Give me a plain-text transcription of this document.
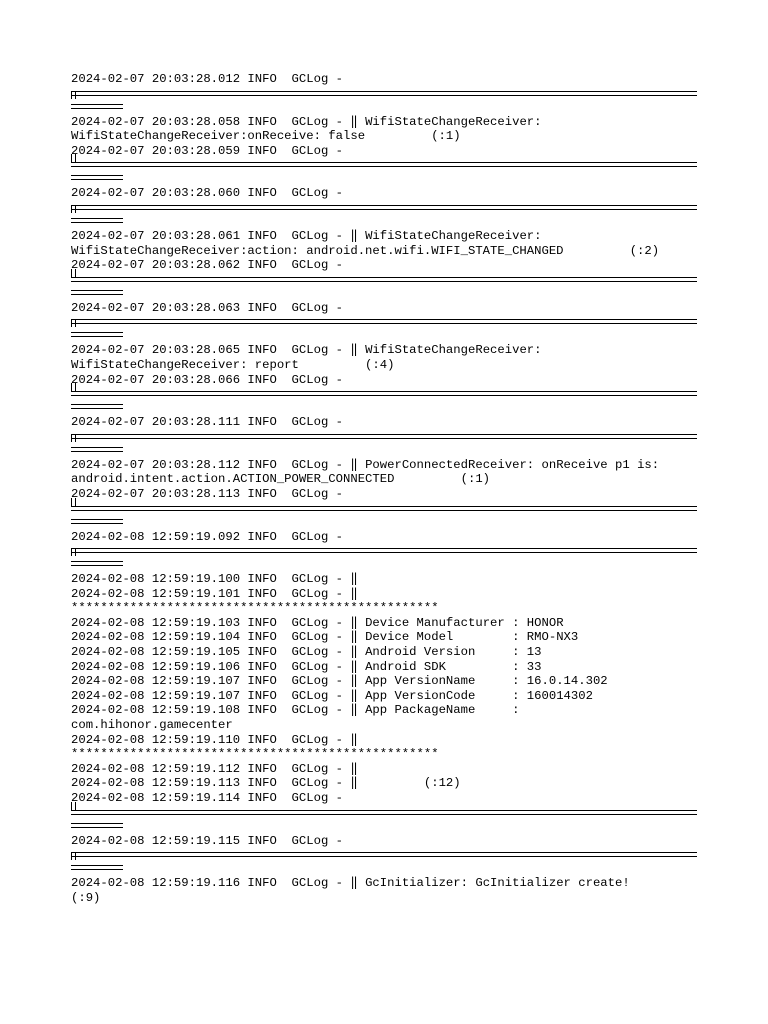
2024-02-07 20:03:28.012 INFO  GCLog -
2024-02-07 20:03:28.058 INFO  GCLog - ‖ WifiStateChangeReceiver:
WifiStateChangeReceiver:onReceive: false         (:1)
2024-02-07 20:03:28.059 INFO  GCLog -
2024-02-07 20:03:28.060 INFO  GCLog -
2024-02-07 20:03:28.061 INFO  GCLog - ‖ WifiStateChangeReceiver:
WifiStateChangeReceiver:action: android.net.wifi.WIFI_STATE_CHANGED         (:2)
2024-02-07 20:03:28.062 INFO  GCLog -
2024-02-07 20:03:28.063 INFO  GCLog -
2024-02-07 20:03:28.065 INFO  GCLog - ‖ WifiStateChangeReceiver:
WifiStateChangeReceiver: report         (:4)
2024-02-07 20:03:28.066 INFO  GCLog -
2024-02-07 20:03:28.111 INFO  GCLog -
2024-02-07 20:03:28.112 INFO  GCLog - ‖ PowerConnectedReceiver: onReceive p1 is:
android.intent.action.ACTION_POWER_CONNECTED         (:1)
2024-02-07 20:03:28.113 INFO  GCLog -
2024-02-08 12:59:19.092 INFO  GCLog -
2024-02-08 12:59:19.100 INFO  GCLog - ‖
2024-02-08 12:59:19.101 INFO  GCLog - ‖
**************************************************
2024-02-08 12:59:19.103 INFO  GCLog - ‖ Device Manufacturer : HONOR
2024-02-08 12:59:19.104 INFO  GCLog - ‖ Device Model        : RMO-NX3
2024-02-08 12:59:19.105 INFO  GCLog - ‖ Android Version     : 13
2024-02-08 12:59:19.106 INFO  GCLog - ‖ Android SDK         : 33
2024-02-08 12:59:19.107 INFO  GCLog - ‖ App VersionName     : 16.0.14.302
2024-02-08 12:59:19.107 INFO  GCLog - ‖ App VersionCode     : 160014302
2024-02-08 12:59:19.108 INFO  GCLog - ‖ App PackageName     :
com.hihonor.gamecenter
2024-02-08 12:59:19.110 INFO  GCLog - ‖
**************************************************
2024-02-08 12:59:19.112 INFO  GCLog - ‖
2024-02-08 12:59:19.113 INFO  GCLog - ‖         (:12)
2024-02-08 12:59:19.114 INFO  GCLog -
2024-02-08 12:59:19.115 INFO  GCLog -
2024-02-08 12:59:19.116 INFO  GCLog - ‖ GcInitializer: GcInitializer create!
(:9)
